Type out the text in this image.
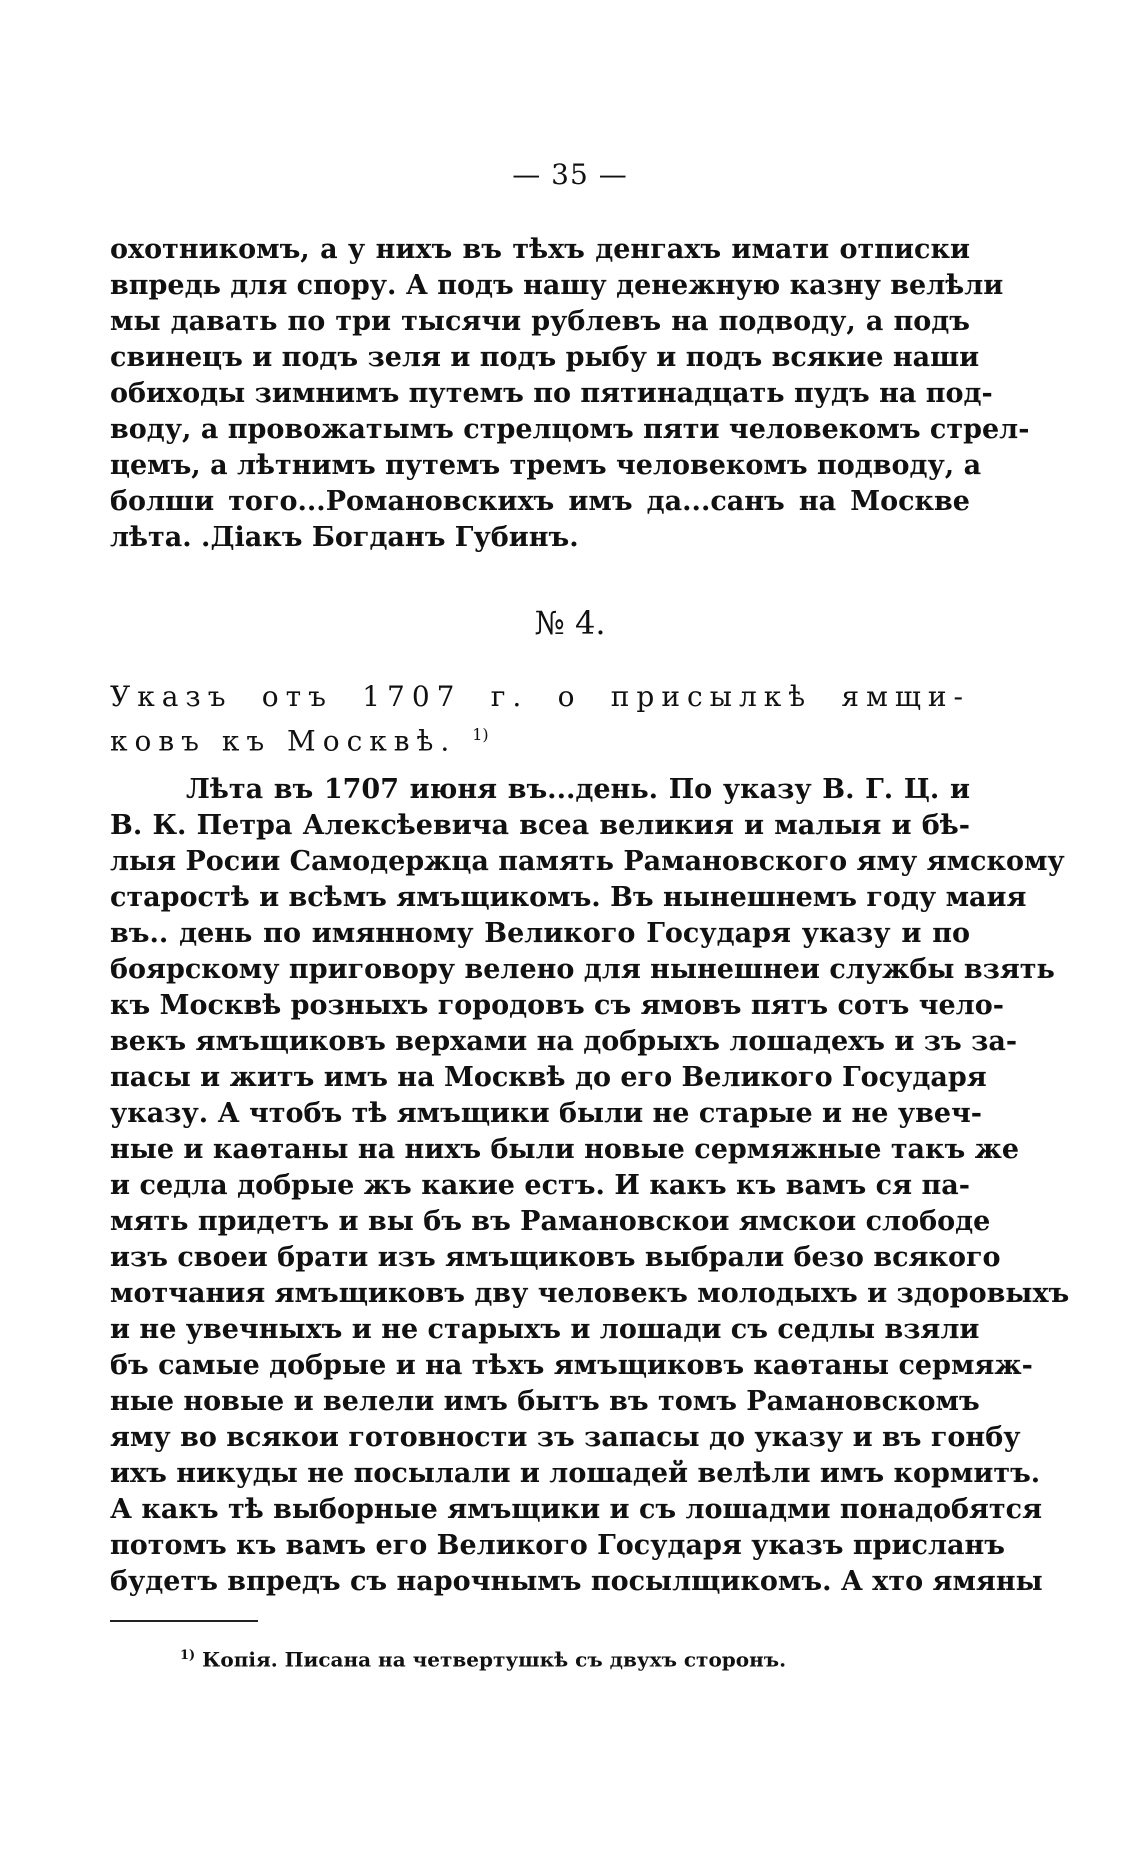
— 35 —
охотникомъ, а у нихъ въ тѣхъ денгахъ имати отписки
впредь для спору. А подъ нашу денежную казну велѣли
мы давать по три тысячи рублевъ на подводу, а подъ
свинецъ и подъ зеля и подъ рыбу и подъ всякие наши
обиходы зимнимъ путемъ по пятинадцать пудъ на под-
воду, а провожатымъ стрелцомъ пяти человекомъ стрел-
цемъ, а лѣтнимъ путемъ тремъ человекомъ подводу, а
болши того...Романовскихъ имъ да...санъ на Москве
лѣта. .Діакъ Богданъ Губинъ.
№ 4.
Указъ отъ 1707 г. о присылкѣ ямщи-
ковъ къ Москвѣ. $^{1)}$
Лѣта въ 1707 июня въ...день. По указу В. Г. Ц. и
В. К. Петра Алексѣевича всеа великия и малыя и бѣ-
лыя Росии Самодержца память Рамановского яму ямскому
старостѣ и всѣмъ ямъщикомъ. Въ нынешнемъ году маия
въ.. день по имянному Великого Государя указу и по
боярскому приговору велено для нынешнеи службы взять
къ Москвѣ розныхъ городовъ съ ямовъ пятъ сотъ чело-
векъ ямъщиковъ верхами на добрыхъ лошадехъ и зъ за-
пасы и житъ имъ на Москвѣ до его Великого Государя
указу. А чтобъ тѣ ямъщики были не старые и не увеч-
ные и каѳтаны на нихъ были новые сермяжные такъ же
и седла добрые жъ какие естъ. И какъ къ вамъ ся па-
мять придетъ и вы бъ въ Рамановскои ямскои слободе
изъ своеи брати изъ ямъщиковъ выбрали безо всякого
мотчания ямъщиковъ дву человекъ молодыхъ и здоровыхъ
и не увечныхъ и не старыхъ и лошади съ седлы взяли
бъ самые добрые и на тѣхъ ямъщиковъ каѳтаны сермяж-
ные новые и велели имъ бытъ въ томъ Рамановскомъ
яму во всякои готовности зъ запасы до указу и въ гонбу
ихъ никуды не посылали и лошадей велѣли имъ кормитъ.
А какъ тѣ выборные ямъщики и съ лошадми понадобятся
потомъ къ вамъ его Великого Государя указъ присланъ
будетъ впредъ съ нарочнымъ посылщикомъ. А хто ямяны
$^{1)}$ Копія. Писана на четвертушкѣ съ двухъ сторонъ.
